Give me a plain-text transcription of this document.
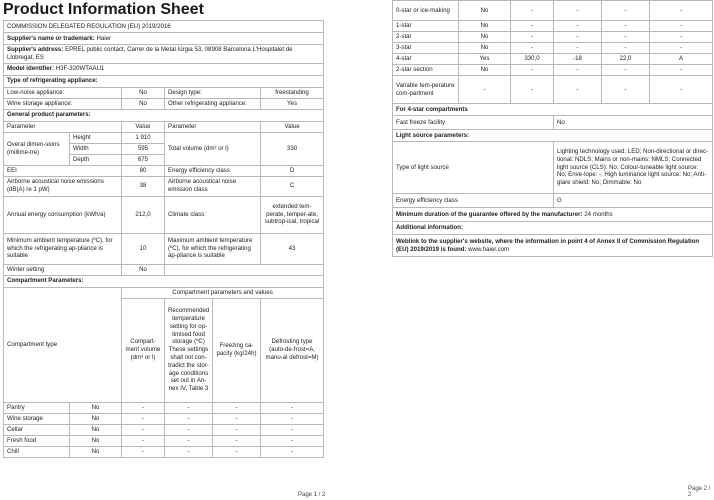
Product Information Sheet
COMMISSION DELEGATED REGULATION (EU) 2019/2016					
Supplier's name or trademark: Haier					
Supplier's address: EPREL public contact, Carrer de la Metal·lúrgia 53, 08908 Barcelona L'Hospitalet de Llobregat, ES					
Model identifier: H3F-320WTAAU1					
Type of refrigerating appliance:					
Low-noise appliance:		No	Design type:		freestanding
Wine storage appliance:		No	Other refrigerating appliance:		Yes
General product parameters:					
Parameter		Value	Parameter		Value
Overal dimen-sions (millime-tre)	Height	1 910	Total volume (dm³ or l)		330
	Width	595			
	Depth	675			
EEI		80	Energy efficiency class		D
Airborne acoustical noise emissions (dB(A) re 1 pW)		38	Airborne acoustical noise emission class		C
Annual energy consumption (kWh/a)		212,0	Climate class:		extended tem-perate, temper-ate, subtrop-ical, tropical
Minimum ambient temperature (ºC), for which the refrigerating ap-pliance is suitable		10	Maximum ambient temperature (ºC), for which the refrigerating ap-pliance is suitable		43
Winter setting		No			
Compartment Parameters:					
Compartment type		Compartment parameters and values			
		Compart-ment volume (dm³ or l)	Recommended temperature setting for op-timised food storage (ºC) These settings shall not con-tradict the stor-age conditions set out in An-nex IV, Table 3	Freezing ca-pacity (kg/24h)	Defrosting type (auto-de-frost=A, manu-al defrost=M)
Pantry	No	-	-	-	-
Wine storage	No	-	-	-	-
Cellar	No	-	-	-	-
Fresh food	No	-	-	-	-
Chill	No	-	-	-	-
Page 1 / 2
0-star or ice-making	No	-	-	-	-
1-star	No	-	-	-	-
2-star	No	-	-	-	-
3-star	No	-	-	-	-
4-star	Yes	330,0	-18	22,0	A
2-star section	No	-	-	-	-
Variable tem-perature com-partment	-	-	-	-	-
For 4-star compartments					
Fast freeze facility			No		
Light source parameters:					
Type of light source			Lighting technology used: LED; Non-directional or direc-tional: NDLS; Mains or non-mains: NMLS; Connected light source (CLS): No; Colour-tuneable light source: No; Enve-lope: -; High luminance light source: No; Anti-glare shield: No; Dimmable: No		
Energy efficiency class			G		
Minimum duration of the guarantee offered by the manufacturer: 24 months					
Additional information:					
Weblink to the supplier's website, where the information in point 4 of Annex II of Commission Regulation (EU) 2019/2019 is found: www.haier.com					
Page 2 / 2
